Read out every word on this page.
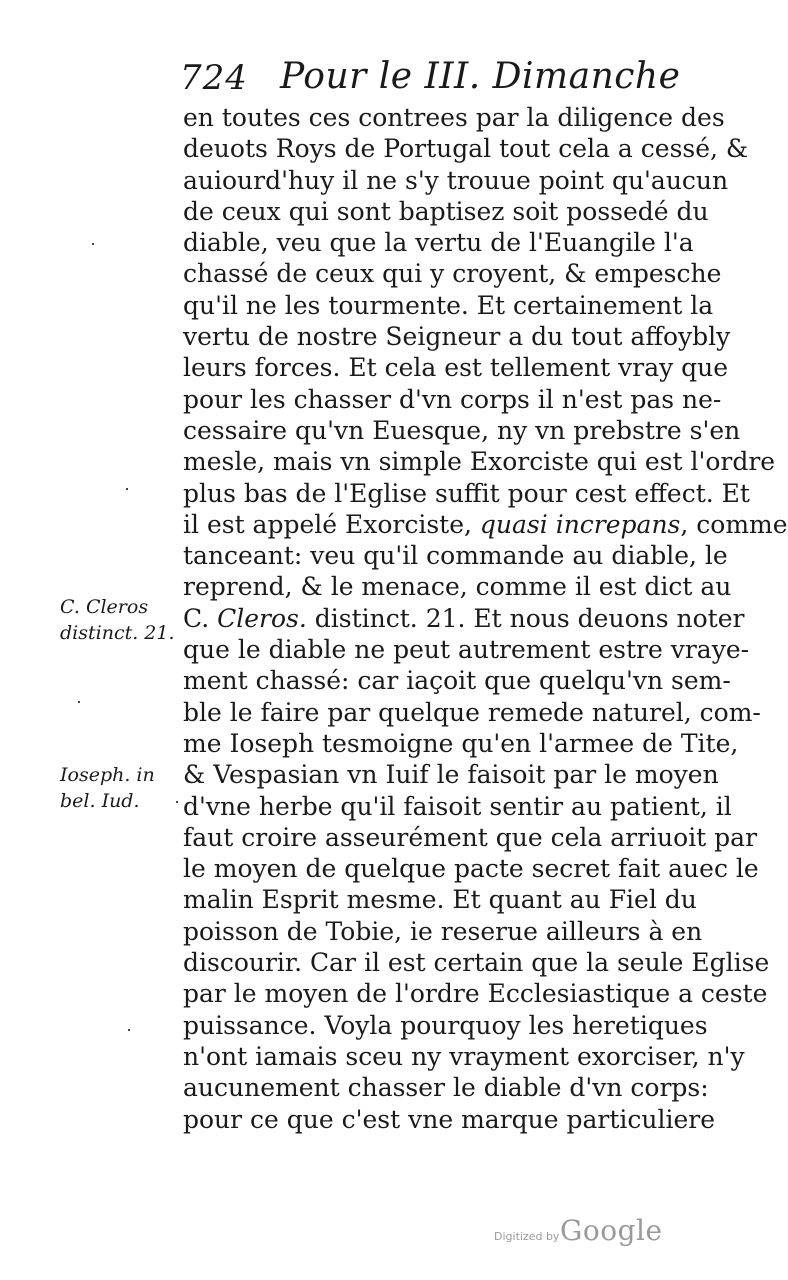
724 Pour le III. Dimanche
en toutes ces contrees par la diligence des
deuots Roys de Portugal tout cela a cessé, &
auiourd'huy il ne s'y trouue point qu'aucun
de ceux qui sont baptisez soit possedé du
diable, veu que la vertu de l'Euangile l'a
chassé de ceux qui y croyent, & empesche
qu'il ne les tourmente. Et certainement la
vertu de nostre Seigneur a du tout affoybly
leurs forces. Et cela est tellement vray que
pour les chasser d'vn corps il n'est pas ne-
cessaire qu'vn Euesque, ny vn prebstre s'en
mesle, mais vn simple Exorciste qui est l'ordre
plus bas de l'Eglise suffit pour cest effect. Et
il est appelé Exorciste, quasi increpans, comme
tanceant: veu qu'il commande au diable, le
reprend, & le menace, comme il est dict au
C. Cleros. distinct. 21. Et nous deuons noter
que le diable ne peut autrement estre vraye-
ment chassé: car iaçoit que quelqu'vn sem-
ble le faire par quelque remede naturel, com-
me Ioseph tesmoigne qu'en l'armee de Tite,
& Vespasian vn Iuif le faisoit par le moyen
d'vne herbe qu'il faisoit sentir au patient, il
faut croire asseurément que cela arriuoit par
le moyen de quelque pacte secret fait auec le
malin Esprit mesme. Et quant au Fiel du
poisson de Tobie, ie reserue ailleurs à en
discourir. Car il est certain que la seule Eglise
par le moyen de l'ordre Ecclesiastique a ceste
puissance. Voyla pourquoy les heretiques
n'ont iamais sceu ny vrayment exorciser, n'y
aucunement chasser le diable d'vn corps:
pour ce que c'est vne marque particuliere
C. Cleros
distinct. 21.
Ioseph. in
bel. Iud.
Digitized by Google
